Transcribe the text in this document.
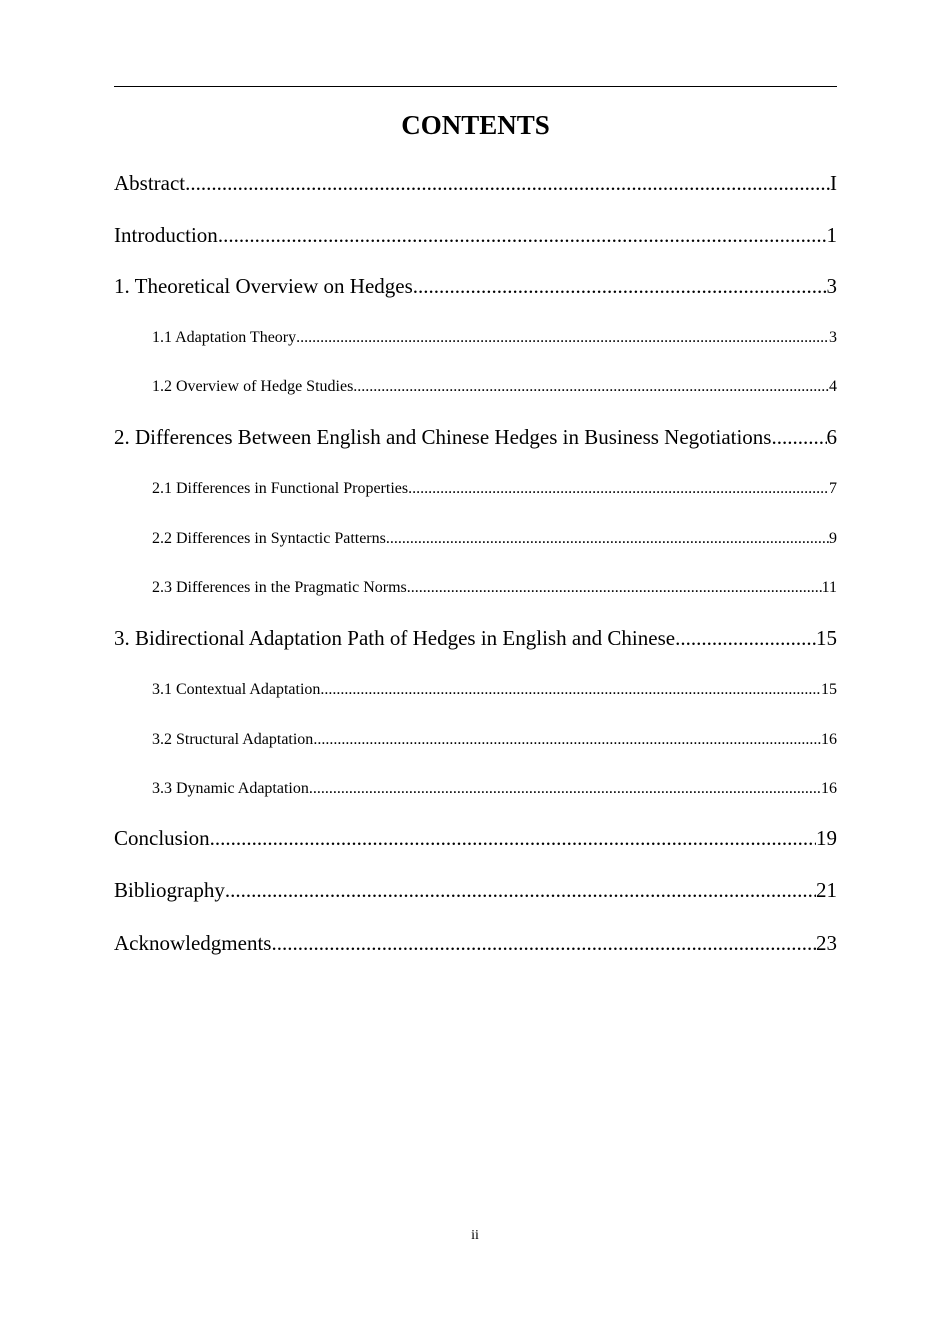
CONTENTS
Abstract .....	I
Introduction .....	1
1. Theoretical Overview on Hedges .....	3
1.1 Adaptation Theory .....	3
1.2 Overview of Hedge Studies .....	4
2. Differences Between English and Chinese Hedges in Business Negotiations .....	6
2.1 Differences in Functional Properties .....	7
2.2 Differences in Syntactic Patterns .....	9
2.3 Differences in the Pragmatic Norms .....	11
3. Bidirectional Adaptation Path of Hedges in English and Chinese .....	15
3.1 Contextual Adaptation .....	15
3.2 Structural Adaptation .....	16
3.3 Dynamic Adaptation .....	16
Conclusion .....	19
Bibliography .....	21
Acknowledgments .....	23
ii
